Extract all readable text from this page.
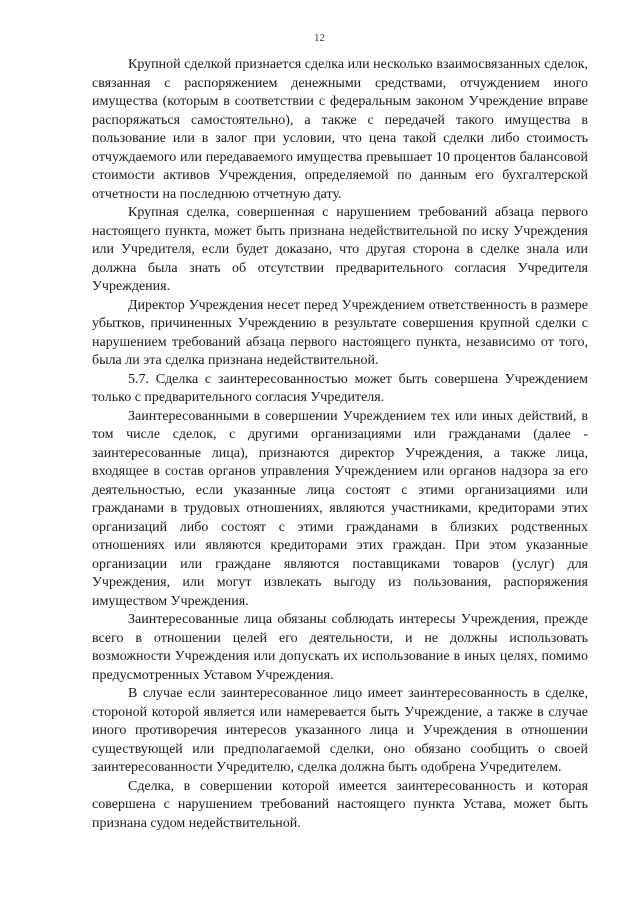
12

Крупной сделкой признается сделка или несколько взаимосвязанных сделок, связанная с распоряжением денежными средствами, отчуждением иного имущества (которым в соответствии с федеральным законом Учреждение вправе распоряжаться самостоятельно), а также с передачей такого имущества в пользование или в залог при условии, что цена такой сделки либо стоимость отчуждаемого или передаваемого имущества превышает 10 процентов балансовой стоимости активов Учреждения, определяемой по данным его бухгалтерской отчетности на последнюю отчетную дату.

Крупная сделка, совершенная с нарушением требований абзаца первого настоящего пункта, может быть признана недействительной по иску Учреждения или Учредителя, если будет доказано, что другая сторона в сделке знала или должна была знать об отсутствии предварительного согласия Учредителя Учреждения.

Директор Учреждения несет перед Учреждением ответственность в размере убытков, причиненных Учреждению в результате совершения крупной сделки с нарушением требований абзаца первого настоящего пункта, независимо от того, была ли эта сделка признана недействительной.

5.7. Сделка с заинтересованностью может быть совершена Учреждением только с предварительного согласия Учредителя.

Заинтересованными в совершении Учреждением тех или иных действий, в том числе сделок, с другими организациями или гражданами (далее - заинтересованные лица), признаются директор Учреждения, а также лица, входящее в состав органов управления Учреждением или органов надзора за его деятельностью, если указанные лица состоят с этими организациями или гражданами в трудовых отношениях, являются участниками, кредиторами этих организаций либо состоят с этими гражданами в близких родственных отношениях или являются кредиторами этих граждан. При этом указанные организации или граждане являются поставщиками товаров (услуг) для Учреждения, или могут извлекать выгоду из пользования, распоряжения имуществом Учреждения.

Заинтересованные лица обязаны соблюдать интересы Учреждения, прежде всего в отношении целей его деятельности, и не должны использовать возможности Учреждения или допускать их использование в иных целях, помимо предусмотренных Уставом Учреждения.

В случае если заинтересованное лицо имеет заинтересованность в сделке, стороной которой является или намеревается быть Учреждение, а также в случае иного противоречия интересов указанного лица и Учреждения в отношении существующей или предполагаемой сделки, оно обязано сообщить о своей заинтересованности Учредителю, сделка должна быть одобрена Учредителем.

Сделка, в совершении которой имеется заинтересованность и которая совершена с нарушением требований настоящего пункта Устава, может быть признана судом недействительной.
